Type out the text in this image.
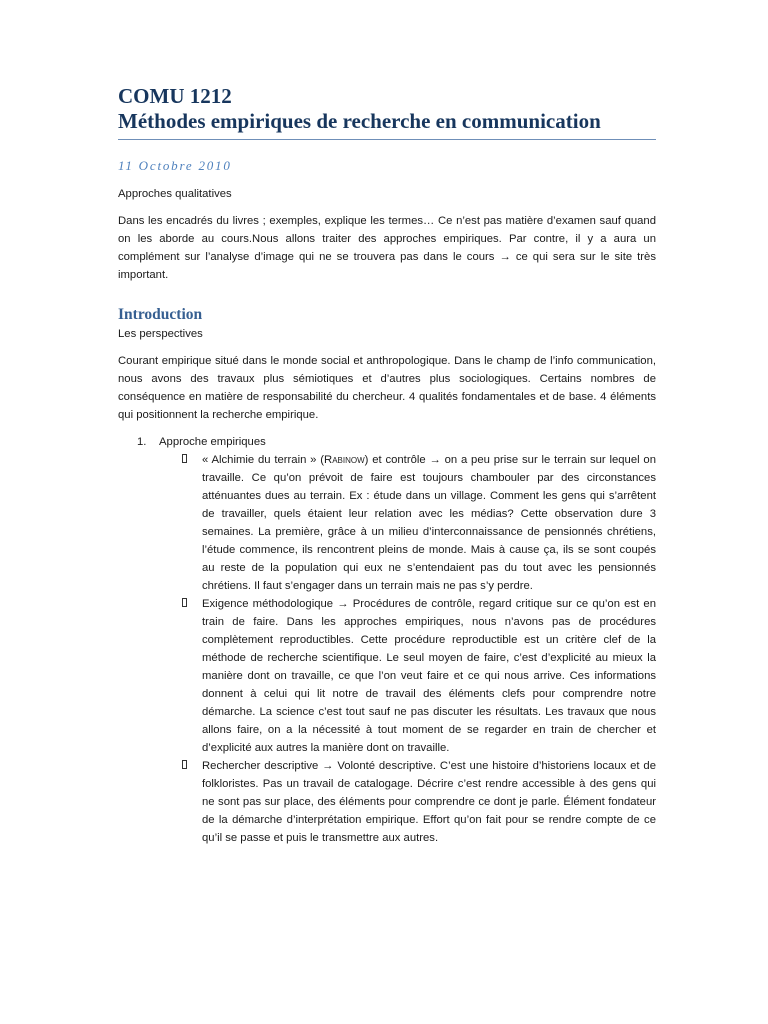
COMU 1212
Méthodes empiriques de recherche en communication

11 Octobre 2010

Approches qualitatives

Dans les encadrés du livres ; exemples, explique les termes… Ce n’est pas matière d’examen sauf quand on les aborde au cours.Nous allons traiter des approches empiriques. Par contre, il y a aura un complément sur l’analyse d’image qui ne se trouvera pas dans le cours → ce qui sera sur le site très important.

Introduction

Les perspectives

Courant empirique situé dans le monde social et anthropologique. Dans le champ de l’info communication, nous avons des travaux plus sémiotiques et d’autres plus sociologiques. Certains nombres de conséquence en matière de responsabilité du chercheur. 4 qualités fondamentales et de base. 4 éléments qui positionnent la recherche empirique.

1. Approche empiriques
« Alchimie du terrain » (Rabinow) et contrôle → on a peu prise sur le terrain sur lequel on travaille. Ce qu’on prévoit de faire est toujours chambouler par des circonstances atténuantes dues au terrain. Ex : étude dans un village. Comment les gens qui s’arrêtent de travailler, quels étaient leur relation avec les médias? Cette observation dure 3 semaines. La première, grâce à un milieu d’interconnaissance de pensionnés chrétiens, l’étude commence, ils rencontrent pleins de monde. Mais à cause ça, ils se sont coupés au reste de la population qui eux ne s’entendaient pas du tout avec les pensionnés chrétiens. Il faut s’engager dans un terrain mais ne pas s’y perdre.
Exigence méthodologique → Procédures de contrôle, regard critique sur ce qu’on est en train de faire. Dans les approches empiriques, nous n’avons pas de procédures complètement reproductibles. Cette procédure reproductible est un critère clef de la méthode de recherche scientifique. Le seul moyen de faire, c’est d’explicité au mieux la manière dont on travaille, ce que l’on veut faire et ce qui nous arrive. Ces informations donnent à celui qui lit notre de travail des éléments clefs pour comprendre notre démarche. La science c’est tout sauf ne pas discuter les résultats. Les travaux que nous allons faire, on a la nécessité à tout moment de se regarder en train de chercher et d’explicité aux autres la manière dont on travaille.
Rechercher descriptive → Volonté descriptive. C’est une histoire d’historiens locaux et de folkloristes. Pas un travail de catalogage. Décrire c’est rendre accessible à des gens qui ne sont pas sur place, des éléments pour comprendre ce dont je parle. Élément fondateur de la démarche d’interprétation empirique. Effort qu’on fait pour se rendre compte de ce qu’il se passe et puis le transmettre aux autres.
